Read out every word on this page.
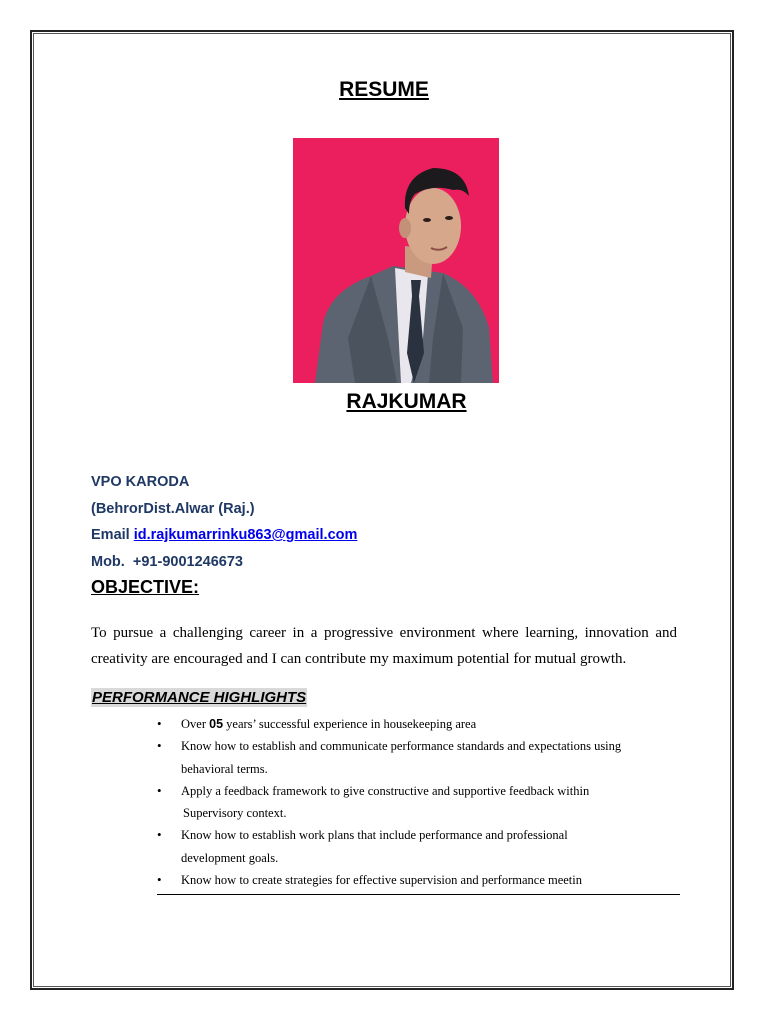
RESUME
RAJKUMAR
VPO KARODA
(BehrorDist.Alwar (Raj.)
Email id.rajkumarrinku863@gmail.com
Mob. +91-9001246673
OBJECTIVE:

To pursue a challenging career in a progressive environment where learning, innovation and creativity are encouraged and I can contribute my maximum potential for mutual growth.

PERFORMANCE HIGHLIGHTS
• Over 05 years’ successful experience in housekeeping area
• Know how to establish and communicate performance standards and expectations using
behavioral terms.
• Apply a feedback framework to give constructive and supportive feedback within
Supervisory context.
• Know how to establish work plans that include performance and professional
development goals.
• Know how to create strategies for effective supervision and performance meetin
